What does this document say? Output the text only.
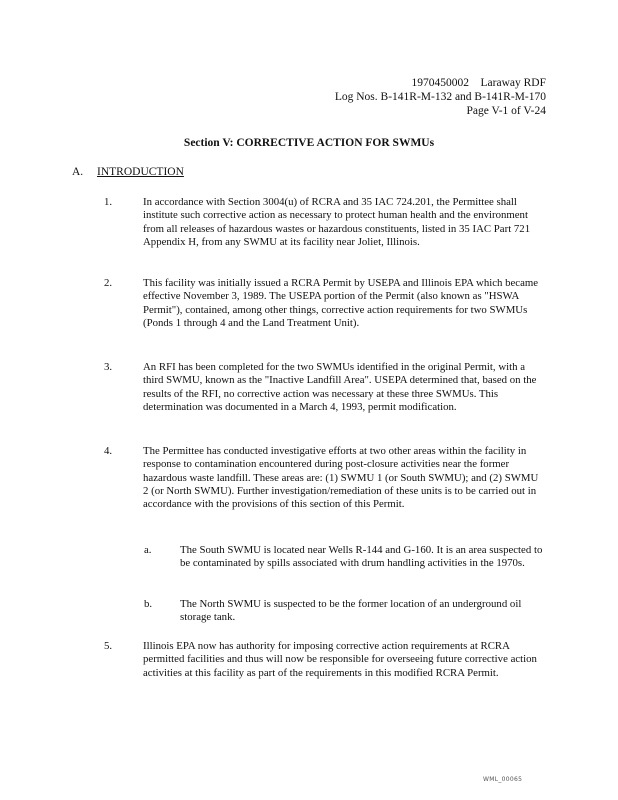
1970450002    Laraway RDF
Log Nos. B-141R-M-132 and B-141R-M-170
Page V-1 of V-24
Section V: CORRECTIVE ACTION FOR SWMUs
A. INTRODUCTION
1.	In accordance with Section 3004(u) of RCRA and 35 IAC 724.201, the Permittee shall institute such corrective action as necessary to protect human health and the environment from all releases of hazardous wastes or hazardous constituents, listed in 35 IAC Part 721 Appendix H, from any SWMU at its facility near Joliet, Illinois.
2.	This facility was initially issued a RCRA Permit by USEPA and Illinois EPA which became effective November 3, 1989. The USEPA portion of the Permit (also known as "HSWA Permit"), contained, among other things, corrective action requirements for two SWMUs (Ponds 1 through 4 and the Land Treatment Unit).
3.	An RFI has been completed for the two SWMUs identified in the original Permit, with a third SWMU, known as the "Inactive Landfill Area". USEPA determined that, based on the results of the RFI, no corrective action was necessary at these three SWMUs. This determination was documented in a March 4, 1993, permit modification.
4.	The Permittee has conducted investigative efforts at two other areas within the facility in response to contamination encountered during post-closure activities near the former hazardous waste landfill. These areas are: (1) SWMU 1 (or South SWMU); and (2) SWMU 2 (or North SWMU). Further investigation/remediation of these units is to be carried out in accordance with the provisions of this section of this Permit.
a.	The South SWMU is located near Wells R-144 and G-160. It is an area suspected to be contaminated by spills associated with drum handling activities in the 1970s.
b.	The North SWMU is suspected to be the former location of an underground oil storage tank.
5.	Illinois EPA now has authority for imposing corrective action requirements at RCRA permitted facilities and thus will now be responsible for overseeing future corrective action activities at this facility as part of the requirements in this modified RCRA Permit.
WML_00065
